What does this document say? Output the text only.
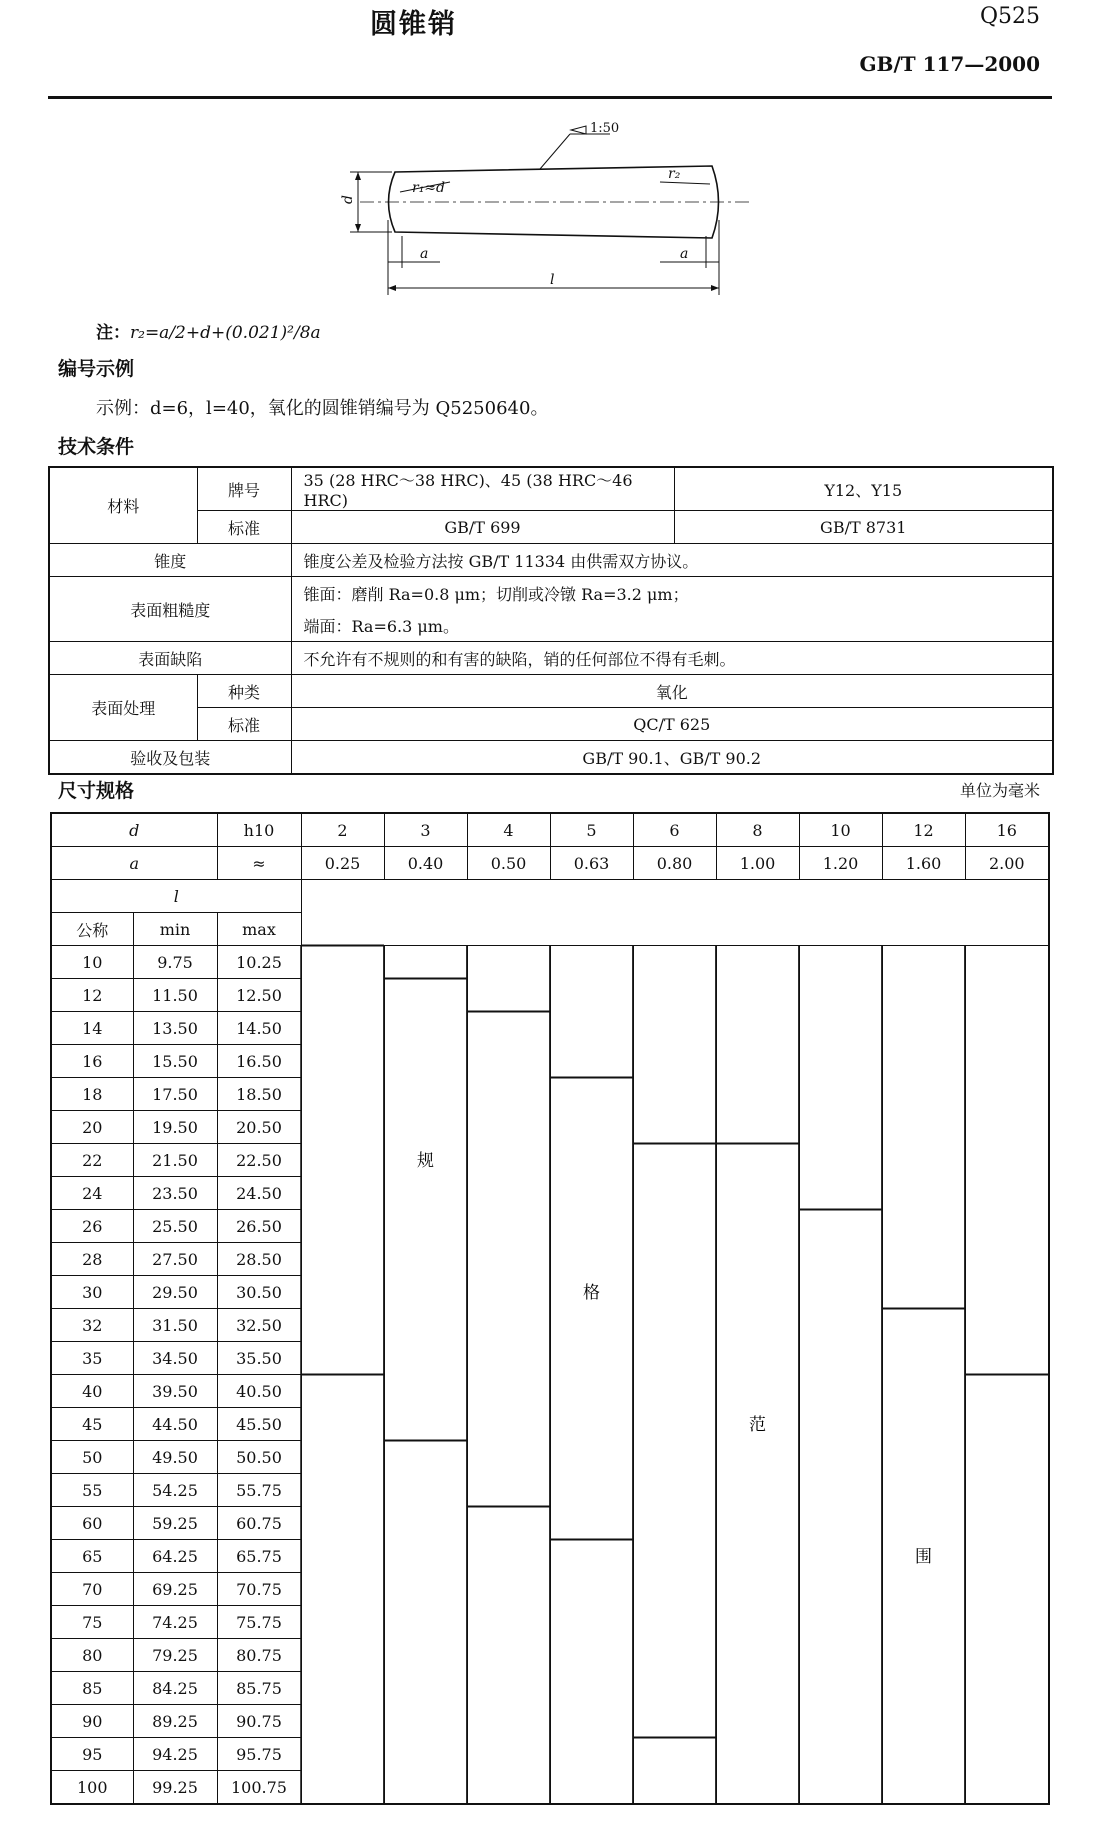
圆锥销	Q525
GB/T 117—2000
1:50
d
r₁≈d
r₂
a	a
l
注：r₂=a/2+d+(0.021)²/8a
编号示例
示例：d=6，l=40，氧化的圆锥销编号为 Q5250640。
技术条件
材料	牌号	35 (28 HRC～38 HRC)、45 (38 HRC～46 HRC)	Y12、Y15
	标准	GB/T 699	GB/T 8731
锥度		锥度公差及检验方法按 GB/T 11334 由供需双方协议。	
表面粗糙度		锥面：磨削 Ra=0.8 μm；切削或冷镦 Ra=3.2 μm；	
		端面：Ra=6.3 μm。	
表面缺陷		不允许有不规则的和有害的缺陷，销的任何部位不得有毛刺。	
表面处理	种类	氧化	
	标准	QC/T 625	
验收及包装		GB/T 90.1、GB/T 90.2	
尺寸规格	单位为毫米
d		h10	2	3	4	5	6	8	10	12	16
a		≈	0.25	0.40	0.50	0.63	0.80	1.00	1.20	1.60	2.00
l											
公称	min	max									
10	9.75	10.25									
12	11.50	12.50									
14	13.50	14.50									
16	15.50	16.50									
18	17.50	18.50									
20	19.50	20.50									
22	21.50	22.50									
24	23.50	24.50									
26	25.50	26.50									
28	27.50	28.50									
30	29.50	30.50									
32	31.50	32.50									
35	34.50	35.50									
40	39.50	40.50									
45	44.50	45.50									
50	49.50	50.50									
55	54.25	55.75									
60	59.25	60.75									
65	64.25	65.75									
70	69.25	70.75									
75	74.25	75.75									
80	79.25	80.75									
85	84.25	85.75									
90	89.25	90.75									
95	94.25	95.75									
100	99.25	100.75									
规
格
范
围
